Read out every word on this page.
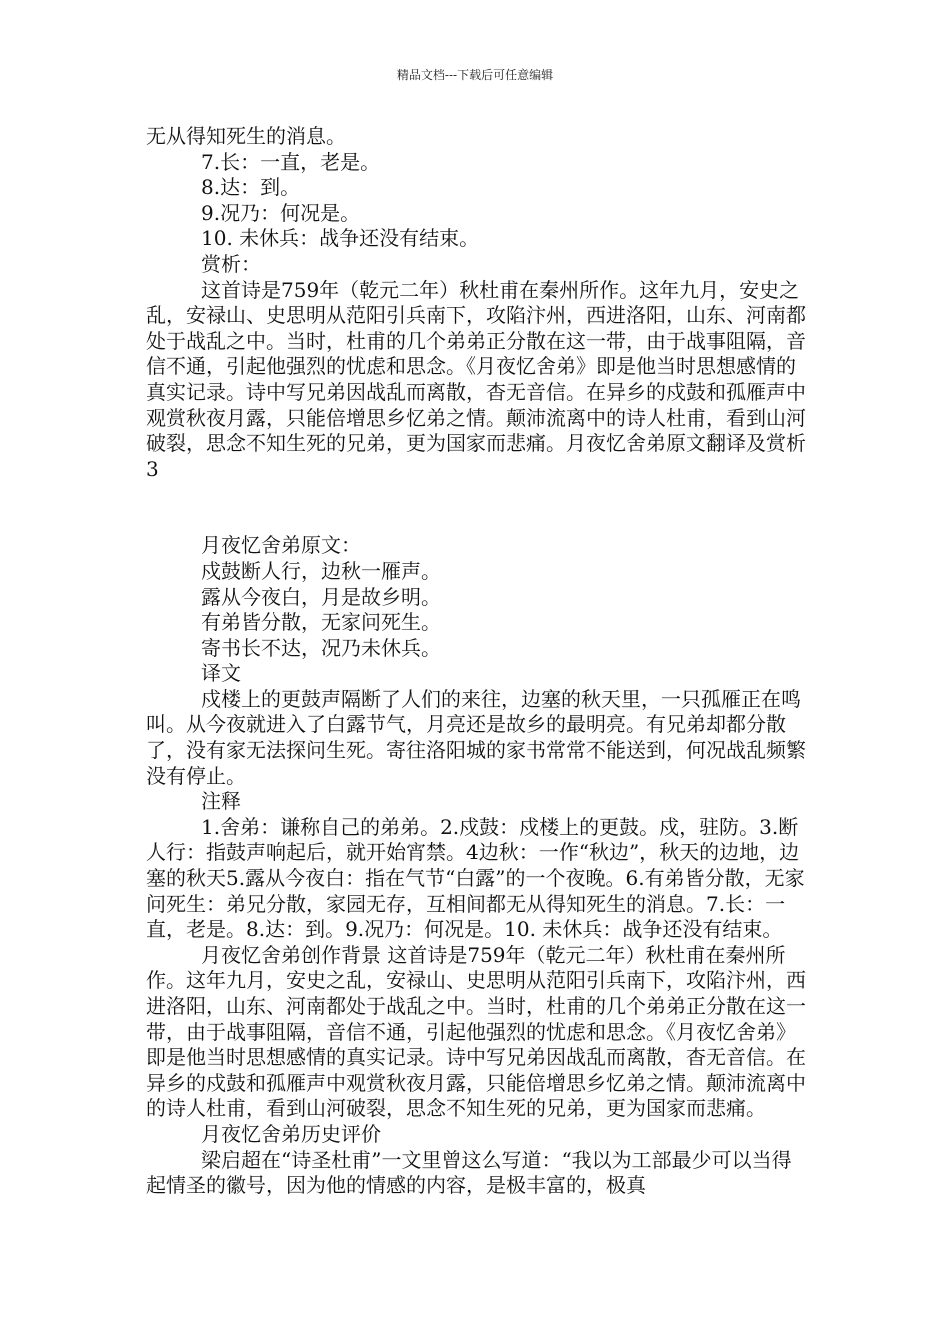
精品文档---下载后可任意编辑

无从得知死生的消息。

7.长：一直，老是。

8.达：到。

9.况乃：何况是。

10. 未休兵：战争还没有结束。

赏析：

这首诗是759年（乾元二年）秋杜甫在秦州所作。这年九月，安史之乱，安禄山、史思明从范阳引兵南下，攻陷汴州，西进洛阳，山东、河南都处于战乱之中。当时，杜甫的几个弟弟正分散在这一带，由于战事阻隔，音信不通，引起他强烈的忧虑和思念。《月夜忆舍弟》即是他当时思想感情的真实记录。诗中写兄弟因战乱而离散，杳无音信。在异乡的戍鼓和孤雁声中观赏秋夜月露，只能倍增思乡忆弟之情。颠沛流离中的诗人杜甫，看到山河破裂，思念不知生死的兄弟，更为国家而悲痛。月夜忆舍弟原文翻译及赏析3

月夜忆舍弟原文：

戍鼓断人行，边秋一雁声。

露从今夜白，月是故乡明。

有弟皆分散，无家问死生。

寄书长不达，况乃未休兵。

译文

戍楼上的更鼓声隔断了人们的来往，边塞的秋天里，一只孤雁正在鸣叫。从今夜就进入了白露节气，月亮还是故乡的最明亮。有兄弟却都分散了，没有家无法探问生死。寄往洛阳城的家书常常不能送到，何况战乱频繁没有停止。

注释

1.舍弟：谦称自己的弟弟。2.戍鼓：戍楼上的更鼓。戍，驻防。3.断人行：指鼓声响起后，就开始宵禁。4边秋：一作“秋边”，秋天的边地，边塞的秋天5.露从今夜白：指在气节“白露”的一个夜晚。6.有弟皆分散，无家问死生：弟兄分散，家园无存，互相间都无从得知死生的消息。7.长：一直，老是。8.达：到。9.况乃：何况是。10. 未休兵：战争还没有结束。

月夜忆舍弟创作背景 这首诗是759年（乾元二年）秋杜甫在秦州所作。这年九月，安史之乱，安禄山、史思明从范阳引兵南下，攻陷汴州，西进洛阳，山东、河南都处于战乱之中。当时，杜甫的几个弟弟正分散在这一带，由于战事阻隔，音信不通，引起他强烈的忧虑和思念。《月夜忆舍弟》即是他当时思想感情的真实记录。诗中写兄弟因战乱而离散，杳无音信。在异乡的戍鼓和孤雁声中观赏秋夜月露，只能倍增思乡忆弟之情。颠沛流离中的诗人杜甫，看到山河破裂，思念不知生死的兄弟，更为国家而悲痛。

月夜忆舍弟历史评价

梁启超在“诗圣杜甫”一文里曾这么写道：“我以为工部最少可以当得起情圣的徽号，因为他的情感的内容，是极丰富的，极真
